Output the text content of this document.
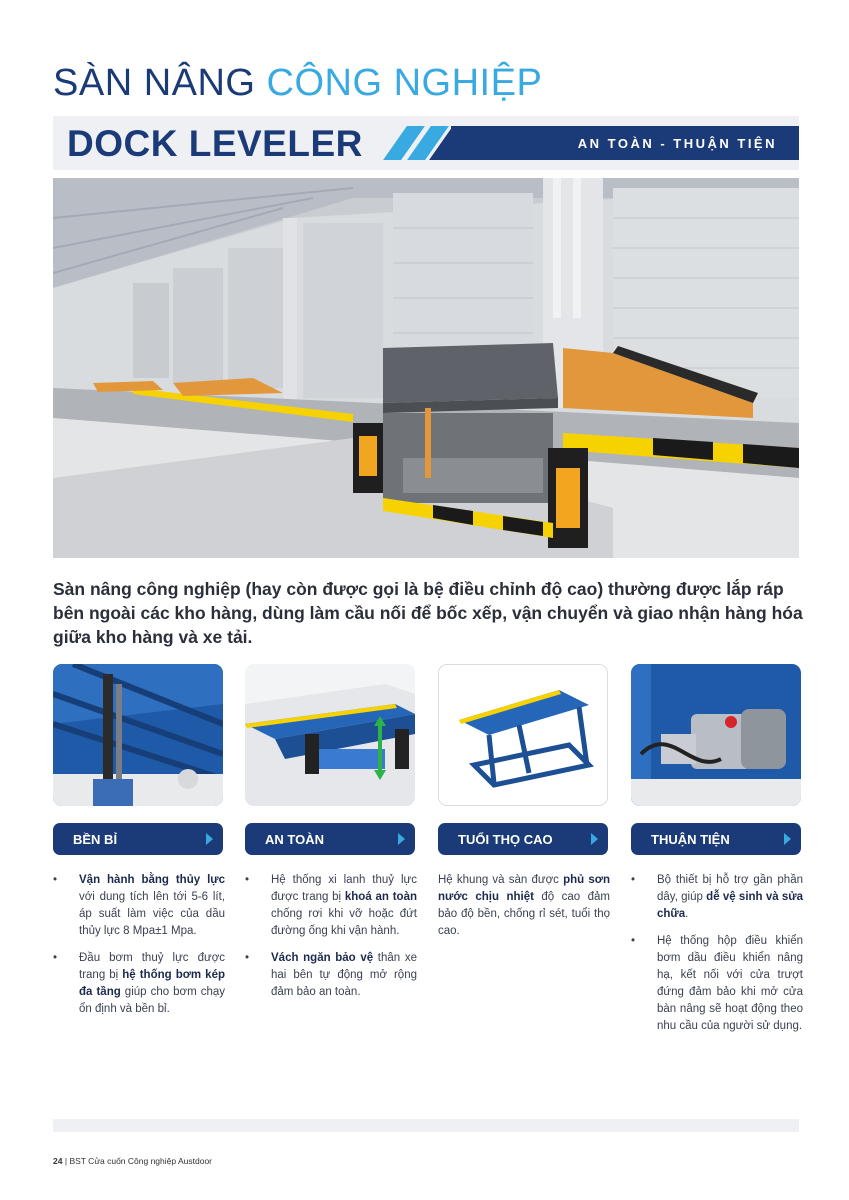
SÀN NÂNG CÔNG NGHIỆP
DOCK LEVELER	AN TOÀN - THUẬN TIỆN
Sàn nâng công nghiệp (hay còn được gọi là bệ điều chỉnh độ cao) thường được lắp ráp bên ngoài các kho hàng, dùng làm cầu nối để bốc xếp, vận chuyển và giao nhận hàng hóa giữa kho hàng và xe tải.
BỀN BỈ	AN TOÀN	TUỔI THỌ CAO	THUẬN TIỆN
• Vận hành bằng thủy lực với dung tích lên tới 5-6 lít, áp suất làm việc của dầu thủy lực 8 Mpa±1 Mpa.
• Đầu bơm thuỷ lực được trang bị hệ thống bơm kép đa tầng giúp cho bơm chạy ổn định và bền bỉ.
• Hệ thống xi lanh thuỷ lực được trang bị khoá an toàn chống rơi khi vỡ hoặc đứt đường ống khi vận hành.
• Vách ngăn bảo vệ thân xe hai bên tự động mở rộng đảm bảo an toàn.

Hệ khung và sàn được phủ sơn nước chịu nhiệt độ cao đảm bảo độ bền, chống rỉ sét, tuổi thọ cao.

• Bộ thiết bị hỗ trợ gần phần dây, giúp dễ vệ sinh và sửa chữa.
• Hệ thống hộp điều khiển bơm dầu điều khiển nâng hạ, kết nối với cửa trượt đứng đảm bảo khi mở cửa bàn nâng sẽ hoạt động theo nhu cầu của người sử dụng.
24 | BST Cửa cuốn Công nghiệp Austdoor
